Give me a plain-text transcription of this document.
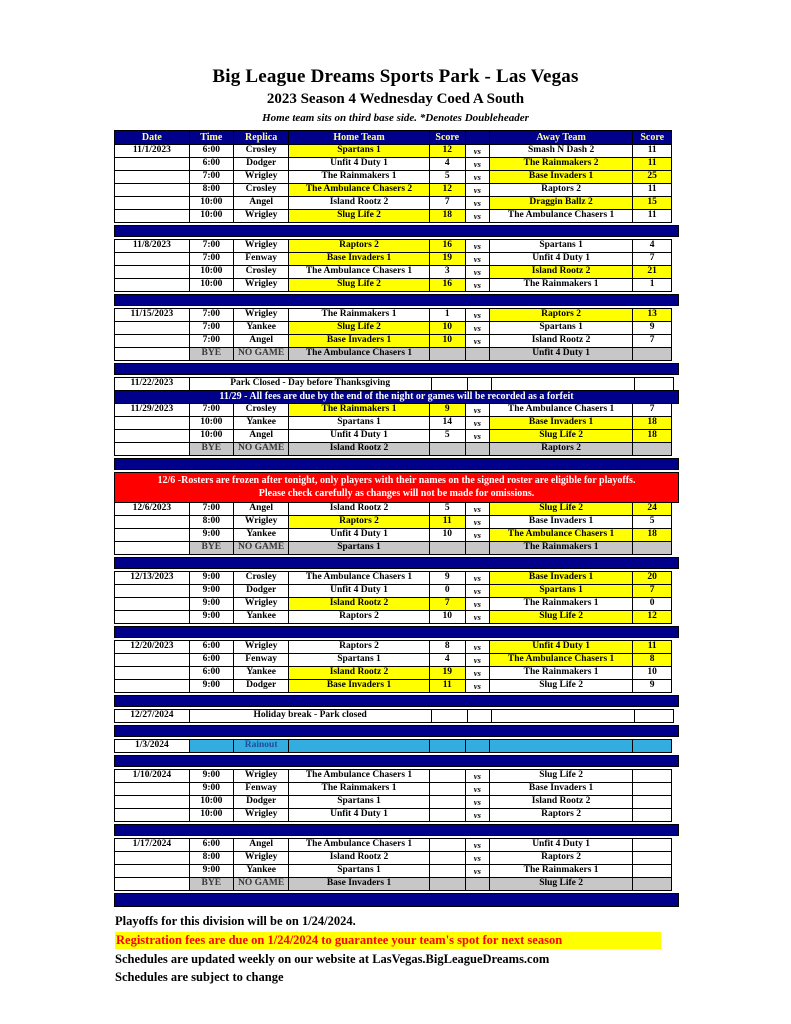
Big League Dreams Sports Park - Las Vegas
2023 Season 4 Wednesday Coed A South
Home team sits on third base side. *Denotes Doubleheader
Date	Time	Replica	Home Team	Score	Away Team	Score
11/1/2023	6:00	Crosley	Spartans 1	12	vs	Smash N Dash 2	11
6:00	Dodger	Unfit 4 Duty 1	4	vs	The Rainmakers 2	11
7:00	Wrigley	The Rainmakers 1	5	vs	Base Invaders 1	25
8:00	Crosley	The Ambulance Chasers 2	12	vs	Raptors 2	11
10:00	Angel	Island Rootz 2	7	vs	Draggin Ballz 2	15
10:00	Wrigley	Slug Life 2	18	vs	The Ambulance Chasers 1	11
11/8/2023	7:00	Wrigley	Raptors 2	16	vs	Spartans 1	4
7:00	Fenway	Base Invaders 1	19	vs	Unfit 4 Duty 1	7
10:00	Crosley	The Ambulance Chasers 1	3	vs	Island Rootz 2	21
10:00	Wrigley	Slug Life 2	16	vs	The Rainmakers 1	1
11/15/2023	7:00	Wrigley	The Rainmakers 1	1	vs	Raptors 2	13
7:00	Yankee	Slug Life 2	10	vs	Spartans 1	9
7:00	Angel	Base Invaders 1	10	vs	Island Rootz 2	7
BYE	NO GAME	The Ambulance Chasers 1	Unfit 4 Duty 1
11/22/2023	Park Closed - Day before Thanksgiving
11/29 - All fees are due by the end of the night or games will be recorded as a forfeit
11/29/2023	7:00	Crosley	The Rainmakers 1	9	vs	The Ambulance Chasers 1	7
10:00	Yankee	Spartans 1	14	vs	Base Invaders 1	18
10:00	Angel	Unfit 4 Duty 1	5	vs	Slug Life 2	18
BYE	NO GAME	Island Rootz 2	Raptors 2
12/6 -Rosters are frozen after tonight, only players with their names on the signed roster are eligible for playoffs.
Please check carefully as changes will not be made for omissions.
12/6/2023	7:00	Angel	Island Rootz 2	5	vs	Slug Life 2	24
8:00	Wrigley	Raptors 2	11	vs	Base Invaders 1	5
9:00	Yankee	Unfit 4 Duty 1	10	vs	The Ambulance Chasers 1	18
BYE	NO GAME	Spartans 1	The Rainmakers 1
12/13/2023	9:00	Crosley	The Ambulance Chasers 1	9	vs	Base Invaders 1	20
9:00	Dodger	Unfit 4 Duty 1	0	vs	Spartans 1	7
9:00	Wrigley	Island Rootz 2	7	vs	The Rainmakers 1	0
9:00	Yankee	Raptors 2	10	vs	Slug Life 2	12
12/20/2023	6:00	Wrigley	Raptors 2	8	vs	Unfit 4 Duty 1	11
6:00	Fenway	Spartans 1	4	vs	The Ambulance Chasers 1	8
6:00	Yankee	Island Rootz 2	19	vs	The Rainmakers 1	10
9:00	Dodger	Base Invaders 1	11	vs	Slug Life 2	9
12/27/2024	Holiday break - Park closed
1/3/2024	Rainout
1/10/2024	9:00	Wrigley	The Ambulance Chasers 1	vs	Slug Life 2
9:00	Fenway	The Rainmakers 1	vs	Base Invaders 1
10:00	Dodger	Spartans 1	vs	Island Rootz 2
10:00	Wrigley	Unfit 4 Duty 1	vs	Raptors 2
1/17/2024	6:00	Angel	The Ambulance Chasers 1	vs	Unfit 4 Duty 1
8:00	Wrigley	Island Rootz 2	vs	Raptors 2
9:00	Yankee	Spartans 1	vs	The Rainmakers 1
BYE	NO GAME	Base Invaders 1	Slug Life 2
Playoffs for this division will be on 1/24/2024.
Registration fees are due on 1/24/2024 to guarantee your team's spot for next season
Schedules are updated weekly on our website at LasVegas.BigLeagueDreams.com
Schedules are subject to change
